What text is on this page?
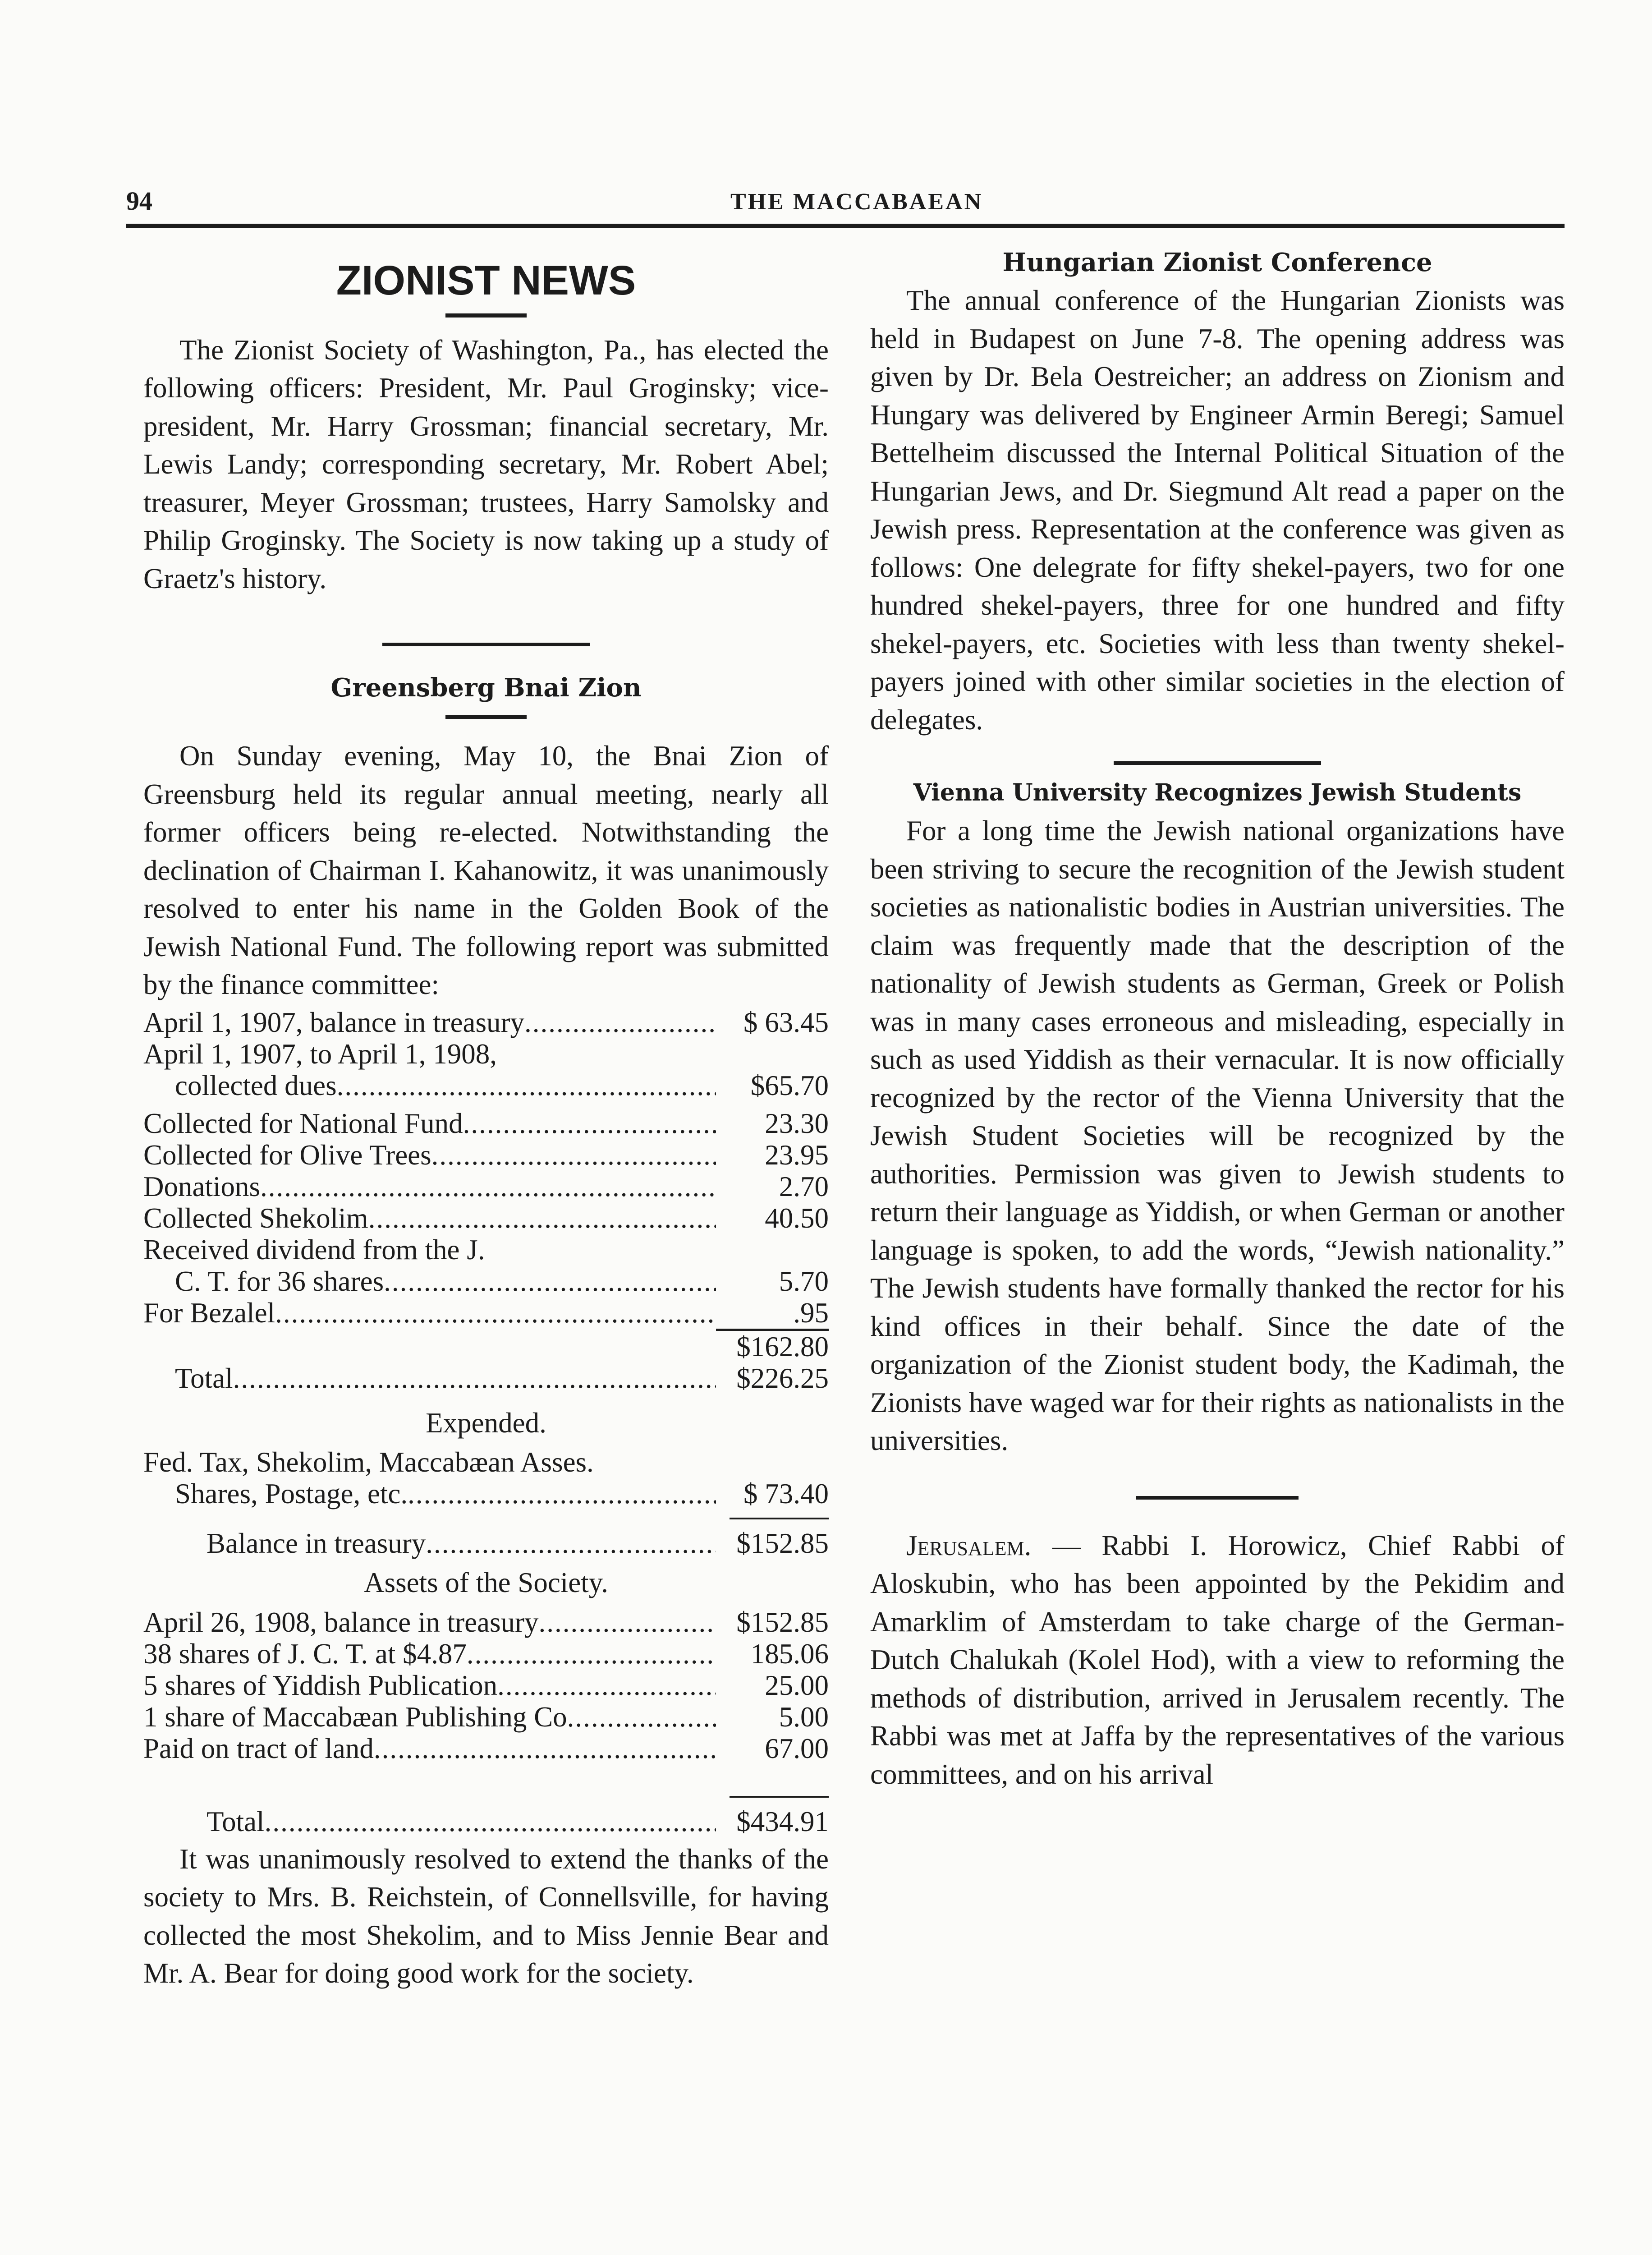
94	THE MACCABAEAN
ZIONIST NEWS

The Zionist Society of Washington, Pa., has elected the following officers: President, Mr. Paul Groginsky; vice-president, Mr. Harry Grossman; financial secretary, Mr. Lewis Landy; corresponding secretary, Mr. Robert Abel; treasurer, Meyer Grossman; trustees, Harry Samolsky and Philip Groginsky. The Society is now taking up a study of Graetz's history.

Greensberg Bnai Zion

On Sunday evening, May 10, the Bnai Zion of Greensburg held its regular annual meeting, nearly all former officers being re-elected. Notwithstanding the declination of Chairman I. Kahanowitz, it was unanimously resolved to enter his name in the Golden Book of the Jewish National Fund. The following report was submitted by the finance committee:

April 1, 1907, balance in treasury .....	$ 63.45
April 1, 1907, to April 1, 1908,
collected dues .....	$65.70
Collected for National Fund .....	23.30
Collected for Olive Trees .....	23.95
Donations .....	2.70
Collected Shekolim .....	40.50
Received dividend from the J.
C. T. for 36 shares .....	5.70
For Bezalel .....	.95
$162.80
Total .....	$226.25
Expended.
Fed. Tax, Shekolim, Maccabæan Asses.
Shares, Postage, etc. .....	$ 73.40
Balance in treasury .....	$152.85
Assets of the Society.
April 26, 1908, balance in treasury .....	$152.85
38 shares of J. C. T. at $4.87 .....	185.06
5 shares of Yiddish Publication .....	25.00
1 share of Maccabæan Publishing Co .....	5.00
Paid on tract of land .....	67.00
Total .....	$434.91

It was unanimously resolved to extend the thanks of the society to Mrs. B. Reichstein, of Connellsville, for having collected the most Shekolim, and to Miss Jennie Bear and Mr. A. Bear for doing good work for the society.

Hungarian Zionist Conference

The annual conference of the Hungarian Zionists was held in Budapest on June 7-8. The opening address was given by Dr. Bela Oestreicher; an address on Zionism and Hungary was delivered by Engineer Armin Beregi; Samuel Bettelheim discussed the Internal Political Situation of the Hungarian Jews, and Dr. Siegmund Alt read a paper on the Jewish press. Representation at the conference was given as follows: One delegrate for fifty shekel-payers, two for one hundred shekel-payers, three for one hundred and fifty shekel-payers, etc. Societies with less than twenty shekel-payers joined with other similar societies in the election of delegates.

Vienna University Recognizes Jewish Students

For a long time the Jewish national organizations have been striving to secure the recognition of the Jewish student societies as nationalistic bodies in Austrian universities. The claim was frequently made that the description of the nationality of Jewish students as German, Greek or Polish was in many cases erroneous and misleading, especially in such as used Yiddish as their vernacular. It is now officially recognized by the rector of the Vienna University that the Jewish Student Societies will be recognized by the authorities. Permission was given to Jewish students to return their language as Yiddish, or when German or another language is spoken, to add the words, “Jewish nationality.” The Jewish students have formally thanked the rector for his kind offices in their behalf. Since the date of the organization of the Zionist student body, the Kadimah, the Zionists have waged war for their rights as nationalists in the universities.

Jerusalem. — Rabbi I. Horowicz, Chief Rabbi of Aloskubin, who has been appointed by the Pekidim and Amarklim of Amsterdam to take charge of the German-Dutch Chalukah (Kolel Hod), with a view to reforming the methods of distribution, arrived in Jerusalem recently. The Rabbi was met at Jaffa by the representatives of the various committees, and on his arrival
